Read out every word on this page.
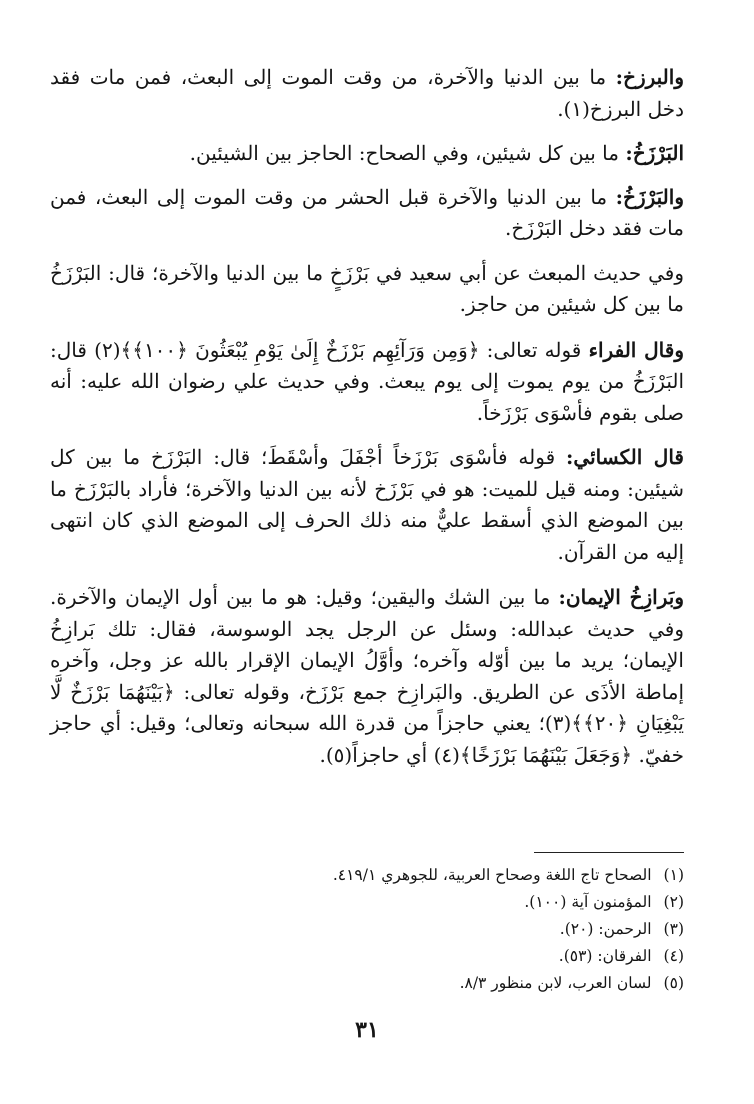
والبرزخ: ما بين الدنيا والآخرة، من وقت الموت إلى البعث، فمن مات فقد دخل البرزخ(١).

البَرْزَخُ: ما بين كل شيئين، وفي الصحاح: الحاجز بين الشيئين.

والبَرْزَخُ: ما بين الدنيا والآخرة قبل الحشر من وقت الموت إلى البعث، فمن مات فقد دخل البَرْزَخ.

وفي حديث المبعث عن أبي سعيد في بَرْزَخٍ ما بين الدنيا والآخرة؛ قال: البَرْزَخُ ما بين كل شيئين من حاجز.

وقال الفراء قوله تعالى: ﴿وَمِن وَرَآئِهِم بَرْزَخٌ إِلَىٰ يَوْمِ يُبْعَثُونَ ﴿١٠٠﴾﴾(٢) قال: البَرْزَخُ من يوم يموت إلى يوم يبعث. وفي حديث علي رضوان الله عليه: أنه صلى بقوم فأسْوَى بَرْزَخاً.

قال الكسائي: قوله فأسْوَى بَرْزَخاً أجْفَلَ وأسْقَطَ؛ قال: البَرْزَخ ما بين كل شيئين: ومنه قيل للميت: هو في بَرْزَخ لأنه بين الدنيا والآخرة؛ فأراد بالبَرْزَخ ما بين الموضع الذي أسقط عليٌّ منه ذلك الحرف إلى الموضع الذي كان انتهى إليه من القرآن.

وبَرازِخُ الإيمان: ما بين الشك واليقين؛ وقيل: هو ما بين أول الإيمان والآخرة. وفي حديث عبدالله: وسئل عن الرجل يجد الوسوسة، فقال: تلك بَرازِخُ الإيمان؛ يريد ما بين أوّله وآخره؛ وأوَّلُ الإيمان الإقرار بالله عز وجل، وآخره إماطة الأذَى عن الطريق. والبَرازِخ جمع بَرْزَخ، وقوله تعالى: ﴿بَيْنَهُمَا بَرْزَخٌ لَّا يَبْغِيَانِ ﴿٢٠﴾﴾(٣)؛ يعني حاجزاً من قدرة الله سبحانه وتعالى؛ وقيل: أي حاجز خفيّ. ﴿وَجَعَلَ بَيْنَهُمَا بَرْزَخًا﴾(٤) أي حاجزاً(٥).

(١)الصحاح تاج اللغة وصحاح العربية، للجوهري ٤١٩/١.

(٢)المؤمنون آية (١٠٠).

(٣)الرحمن: (٢٠).

(٤)الفرقان: (٥٣).

(٥)لسان العرب، لابن منظور ٨/٣.

٣١
